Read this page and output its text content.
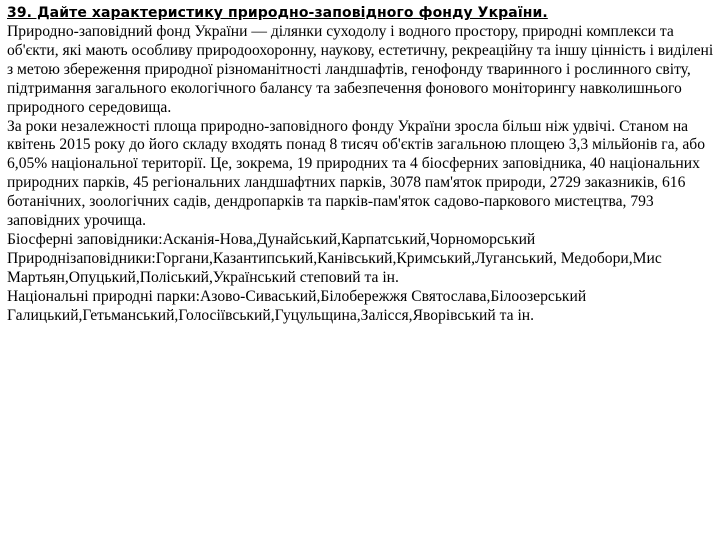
39. Дайте характеристику природно-заповідного фонду України.

Природно-заповідний фонд України — ділянки суходолу і водного простору, природні комплекси та об'єкти, які мають особливу природоохоронну, наукову, естетичну, рекреаційну та іншу цінність і виділені з метою збереження природної різноманітності ландшафтів, генофонду тваринного і рослинного світу, підтримання загального екологічного балансу та забезпечення фонового моніторингу навколишнього природного середовища.

За роки незалежності площа природно-заповідного фонду України зросла більш ніж удвічі. Станом на квітень 2015 року до його складу входять понад 8 тисяч об'єктів загальною площею 3,3 мільйонів га, або 6,05% національної території. Це, зокрема, 19 природних та 4 біосферних заповідника, 40 національних природних парків, 45 регіональних ландшафтних парків, 3078 пам'яток природи, 2729 заказників, 616 ботанічних, зоологічних садів, дендропарків та парків-пам'яток садово-паркового мистецтва, 793 заповідних урочища.

Біосферні заповідники:Асканія-Нова,Дунайський,Карпатський,Чорноморський Природнізаповідники:Горгани,Казантипський,Канівський,Кримський,Луганський, Медобори,Мис Мартьян,Опуцький,Поліський,Український степовий та ін.

Національні природні парки:Азово-Сиваський,Білобережжя Святослава,Білоозерський Галицький,Гетьманський,Голосіївський,Гуцульщина,Залісся,Яворівський та ін.
